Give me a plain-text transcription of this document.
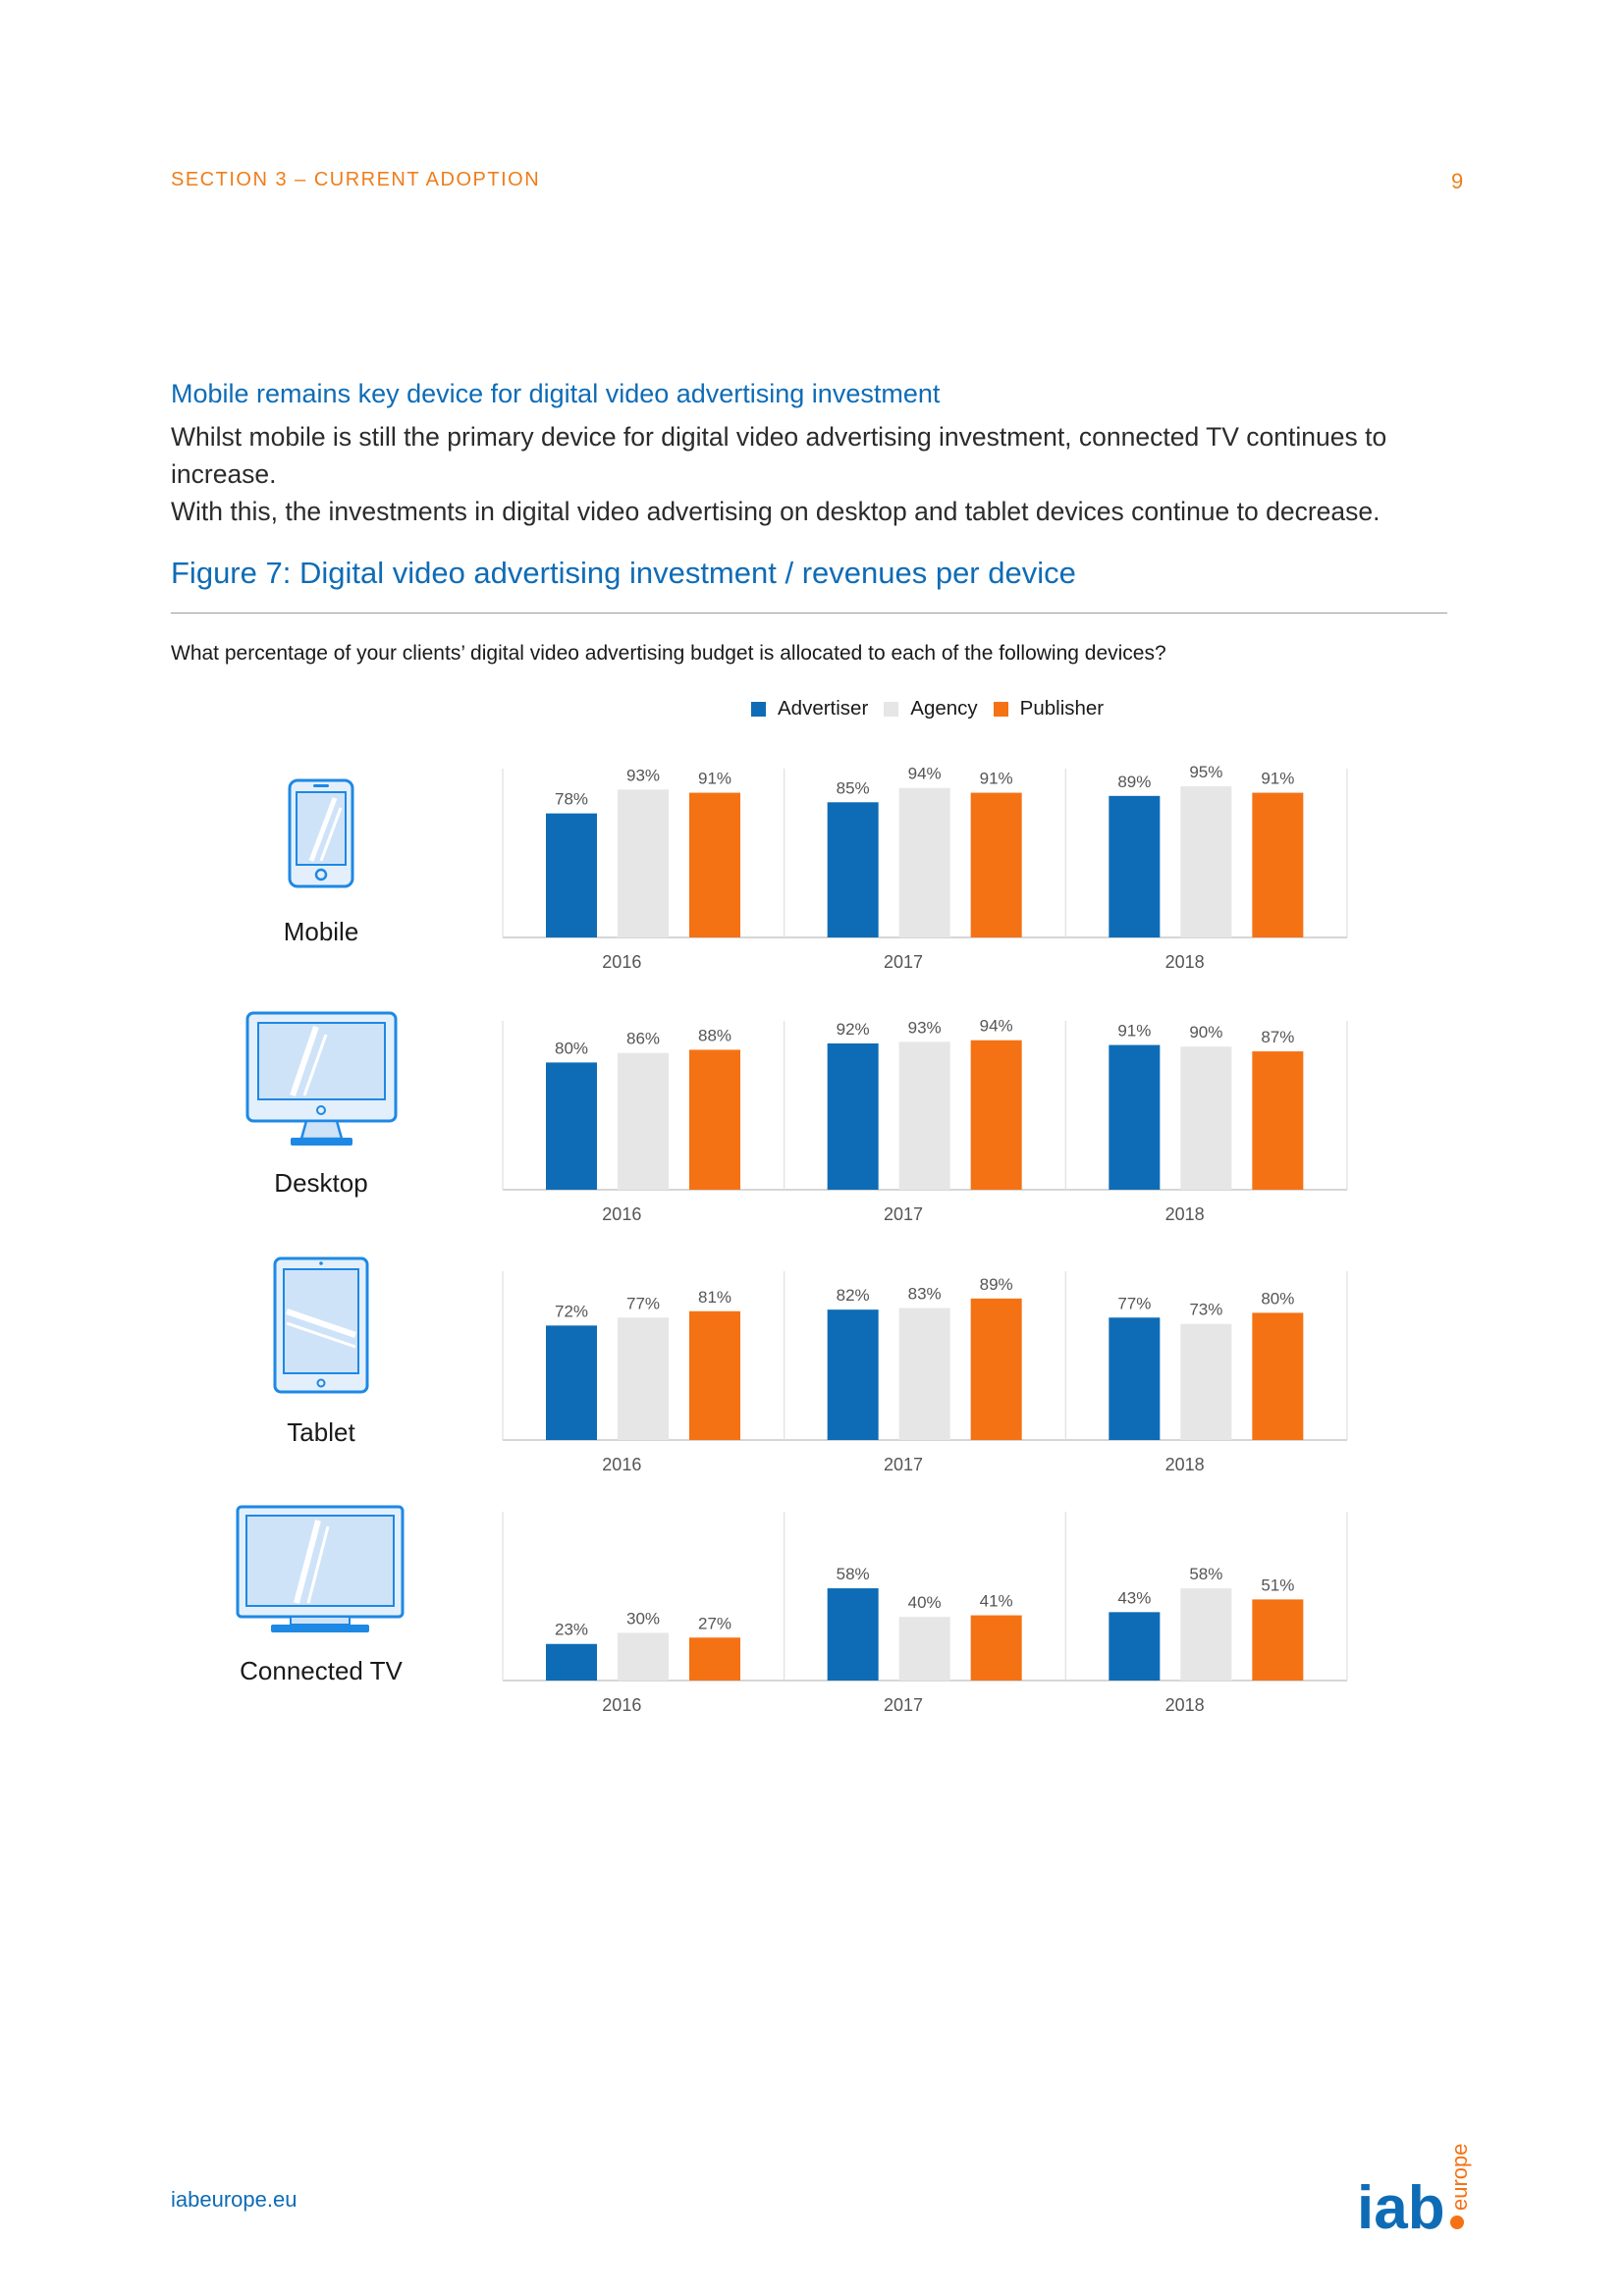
SECTION 3 – CURRENT ADOPTION	9
Mobile remains key device for digital video advertising investment
Whilst mobile is still the primary device for digital video advertising investment, connected TV continues to increase.
With this, the investments in digital video advertising on desktop and tablet devices continue to decrease.
Figure 7: Digital video advertising investment / revenues per device
What percentage of your clients’ digital video advertising budget is allocated to each of the following devices?
Advertiser Agency Publisher
Mobile
Desktop
Tablet
Connected TV
78%
93% 91%
2016
85%
94% 91%
2017
89%
95% 91%
2018
80%
86% 88%
2016
92% 93% 94%
2017
91% 90% 87%
2018
72% 77% 81%
2016
82% 83%
89%
2017
77% 73%
80%
2018
23%
30% 27%
2016
58%
40% 41%
2017
43%
58%
51%
2018
iabeurope.eu	iab europe
